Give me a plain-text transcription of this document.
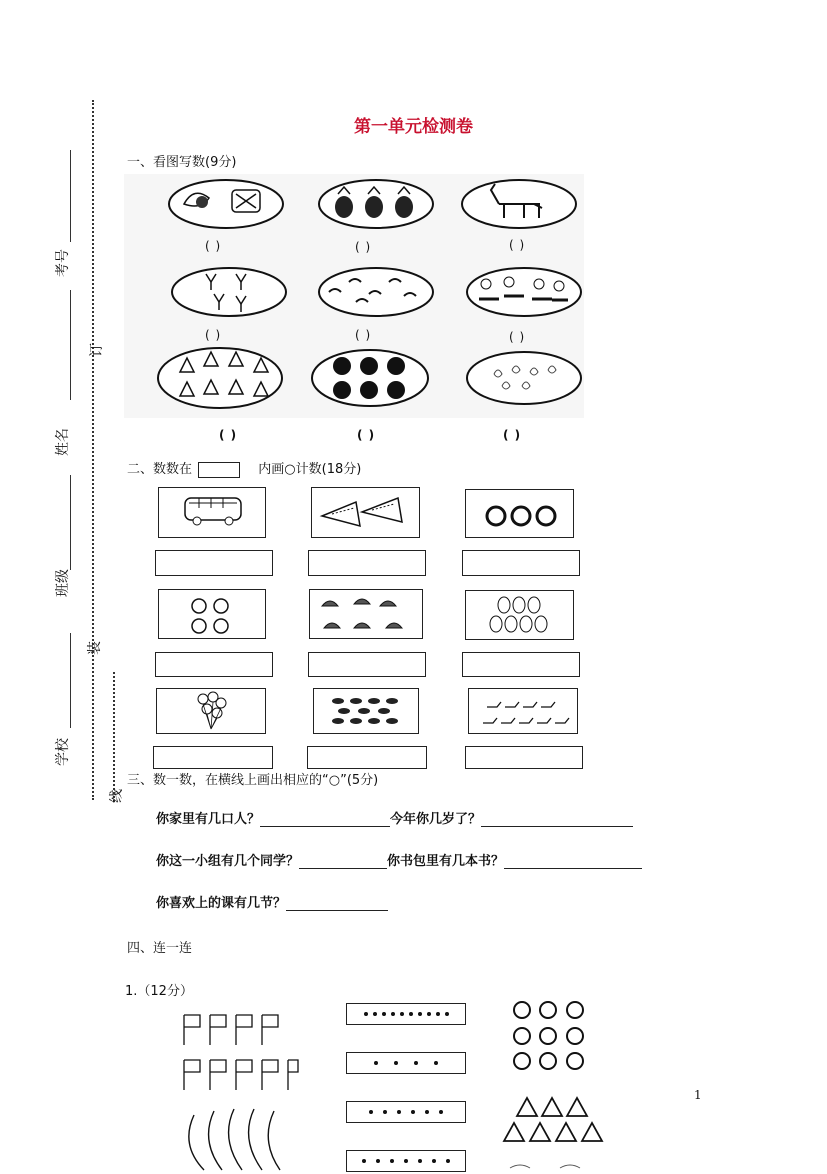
第一单元检测卷
考号
姓名
班级
学校
订
装
线
一、看图写数(9分)
( )	( )	( )
( )	( )	( )
( )	( )	( )
二、数数在	内画○计数(18分)
三、数一数，在横线上画出相应的“○”(5分)
你家里有几口人？	今年你几岁了？
你这一小组有几个同学？	你书包里有几本书？
你喜欢上的课有几节？
四、连一连
1.（12分）
1
